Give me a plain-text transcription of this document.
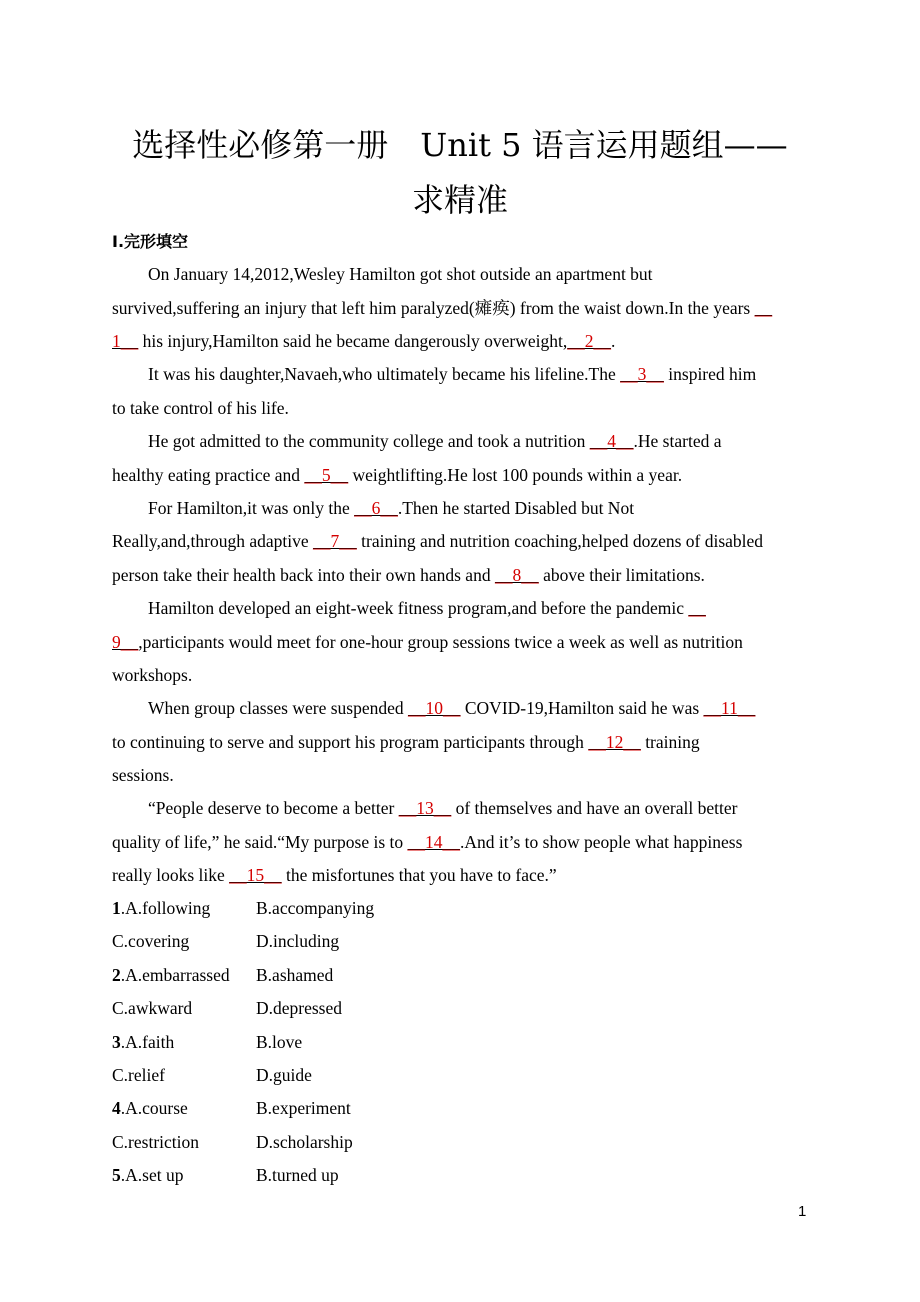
选择性必修第一册　Unit 5 语言运用题组——
求精准
Ⅰ.完形填空
On January 14,2012,Wesley Hamilton got shot outside an apartment but
survived,suffering an injury that left him paralyzed(瘫痪) from the waist down.In the years __
1__ his injury,Hamilton said he became dangerously overweight,__2__.
It was his daughter,Navaeh,who ultimately became his lifeline.The __3__ inspired him
to take control of his life.
He got admitted to the community college and took a nutrition __4__.He started a
healthy eating practice and __5__ weightlifting.He lost 100 pounds within a year.
For Hamilton,it was only the __6__.Then he started Disabled but Not
Really,and,through adaptive __7__ training and nutrition coaching,helped dozens of disabled
person take their health back into their own hands and __8__ above their limitations.
Hamilton developed an eight-week fitness program,and before the pandemic __
9__,participants would meet for one-hour group sessions twice a week as well as nutrition
workshops.
When group classes were suspended __10__ COVID-19,Hamilton said he was __11__
to continuing to serve and support his program participants through __12__ training
sessions.
“People deserve to become a better __13__ of themselves and have an overall better
quality of life,” he said.“My purpose is to __14__.And it’s to show people what happiness
really looks like __15__ the misfortunes that you have to face.”
1.A.following	B.accompanying
C.covering	D.including
2.A.embarrassed B.ashamed
C.awkward	D.depressed
3.A.faith	B.love
C.relief	D.guide
4.A.course	B.experiment
C.restriction	D.scholarship
5.A.set up	B.turned up
1
